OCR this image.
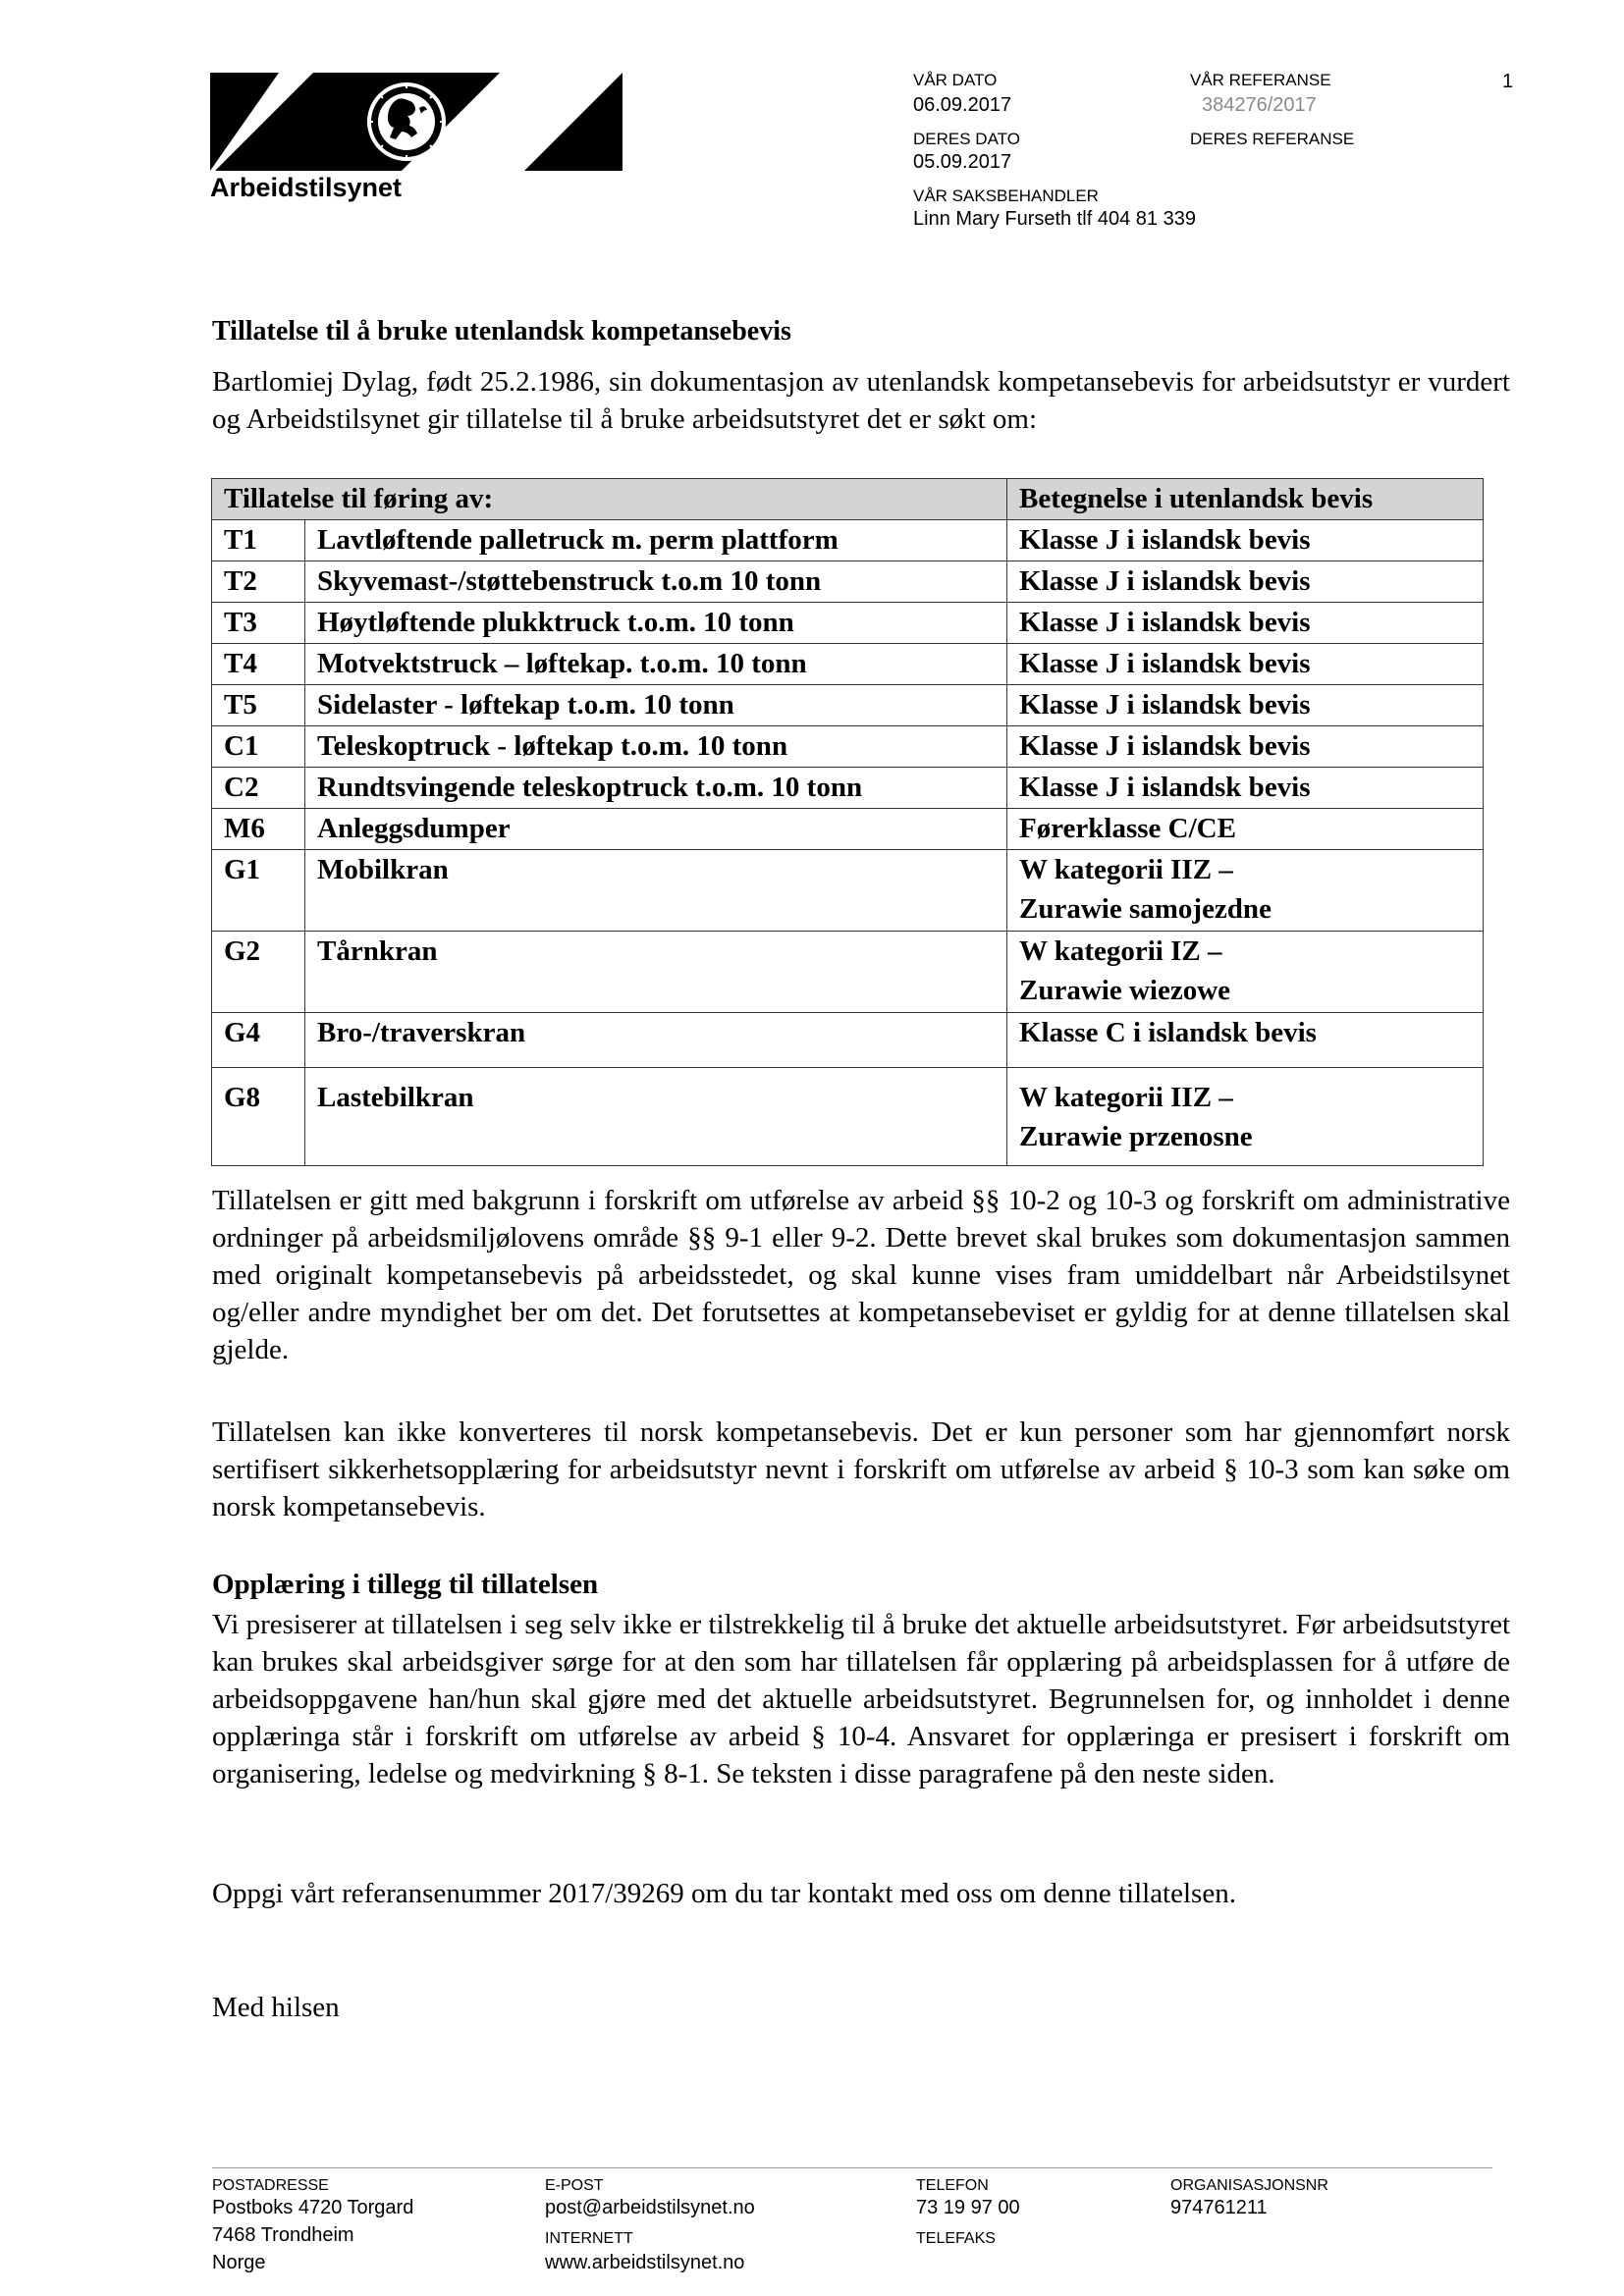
Arbeidstilsynet
VÅR DATO
06.09.2017
VÅR REFERANSE
384276/2017
1
DERES DATO
05.09.2017
DERES REFERANSE
VÅR SAKSBEHANDLER
Linn Mary Furseth tlf 404 81 339
Tillatelse til å bruke utenlandsk kompetansebevis
Bartlomiej Dylag, født 25.2.1986, sin dokumentasjon av utenlandsk kompetansebevis for arbeidsutstyr er vurdert og Arbeidstilsynet gir tillatelse til å bruke arbeidsutstyret det er søkt om:
Tillatelse til føring av:		Betegnelse i utenlandsk bevis
T1	Lavtløftende palletruck m. perm plattform	Klasse J i islandsk bevis

T2	Skyvemast-/støttebenstruck t.o.m 10 tonn	Klasse J i islandsk bevis

T3	Høytløftende plukktruck t.o.m. 10 tonn	Klasse J i islandsk bevis

T4	Motvektstruck – løftekap. t.o.m. 10 tonn	Klasse J i islandsk bevis

T5	Sidelaster - løftekap t.o.m. 10 tonn	Klasse J i islandsk bevis

C1	Teleskoptruck - løftekap t.o.m. 10 tonn	Klasse J i islandsk bevis

C2	Rundtsvingende teleskoptruck t.o.m. 10 tonn	Klasse J i islandsk bevis

M6	Anleggsdumper	Førerklasse C/CE

G1	Mobilkran	W kategorii IIZ –
Zurawie samojezdne

G2	Tårnkran	W kategorii IZ –
Zurawie wiezowe

G4	Bro-/traverskran	Klasse C i islandsk bevis

G8	Lastebilkran	W kategorii IIZ –
Zurawie przenosne
Tillatelsen er gitt med bakgrunn i forskrift om utførelse av arbeid §§ 10-2 og 10-3 og forskrift om administrative ordninger på arbeidsmiljølovens område §§ 9-1 eller 9-2. Dette brevet skal brukes som dokumentasjon sammen med originalt kompetansebevis på arbeidsstedet, og skal kunne vises fram umiddelbart når Arbeidstilsynet og/eller andre myndighet ber om det. Det forutsettes at kompetansebeviset er gyldig for at denne tillatelsen skal gjelde.
Tillatelsen kan ikke konverteres til norsk kompetansebevis. Det er kun personer som har gjennomført norsk sertifisert sikkerhetsopplæring for arbeidsutstyr nevnt i forskrift om utførelse av arbeid § 10-3 som kan søke om norsk kompetansebevis.
Opplæring i tillegg til tillatelsen
Vi presiserer at tillatelsen i seg selv ikke er tilstrekkelig til å bruke det aktuelle arbeidsutstyret. Før arbeidsutstyret kan brukes skal arbeidsgiver sørge for at den som har tillatelsen får opplæring på arbeidsplassen for å utføre de arbeidsoppgavene han/hun skal gjøre med det aktuelle arbeidsutstyret. Begrunnelsen for, og innholdet i denne opplæringa står i forskrift om utførelse av arbeid § 10-4. Ansvaret for opplæringa er presisert i forskrift om organisering, ledelse og medvirkning § 8-1. Se teksten i disse paragrafene på den neste siden.
Oppgi vårt referansenummer 2017/39269 om du tar kontakt med oss om denne tillatelsen.
Med hilsen
POSTADRESSE
Postboks 4720 Torgard
7468 Trondheim
Norge
E-POST
post@arbeidstilsynet.no
INTERNETT
www.arbeidstilsynet.no
TELEFON
73 19 97 00
TELEFAKS
ORGANISASJONSNR
974761211
